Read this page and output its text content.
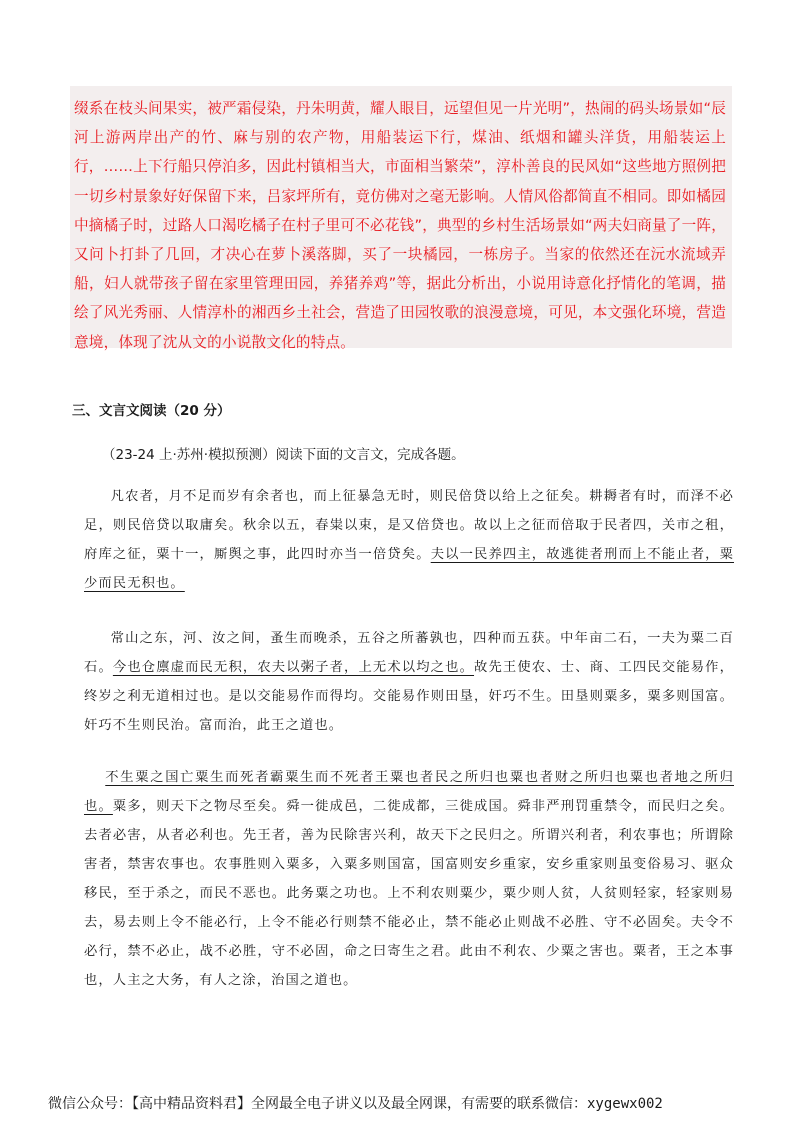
缀系在枝头间果实，被严霜侵染，丹朱明黄，耀人眼目，远望但见一片光明”，热闹的码头场景如“辰河上游两岸出产的竹、麻与别的农产物，用船装运下行，煤油、纸烟和罐头洋货，用船装运上行，……上下行船只停泊多，因此村镇相当大，市面相当繁荣”，淳朴善良的民风如“这些地方照例把一切乡村景象好好保留下来，吕家坪所有，竟仿佛对之毫无影响。人情风俗都简直不相同。即如橘园中摘橘子时，过路人口渴吃橘子在村子里可不必花钱”，典型的乡村生活场景如“两夫妇商量了一阵，又问卜打卦了几回，才决心在萝卜溪落脚，买了一块橘园，一栋房子。当家的依然还在沅水流域弄船，妇人就带孩子留在家里管理田园，养猪养鸡”等，据此分析出，小说用诗意化抒情化的笔调，描绘了风光秀丽、人情淳朴的湘西乡土社会，营造了田园牧歌的浪漫意境，可见，本文强化环境，营造意境，体现了沈从文的小说散文化的特点。

三、文言文阅读（20 分）
（23-24 上·苏州·模拟预测）阅读下面的文言文，完成各题。

凡农者，月不足而岁有余者也，而上征暴急无时，则民倍贷以给上之征矣。耕耨者有时，而泽不必足，则民倍贷以取庸矣。秋余以五，春粜以束，是又倍贷也。故以上之征而倍取于民者四，关市之租，府库之征，粟十一，厮舆之事，此四时亦当一倍贷矣。夫以一民养四主，故逃徙者刑而上不能止者，粟少而民无积也。

常山之东，河、汝之间，蚤生而晚杀，五谷之所蕃孰也，四种而五获。中年亩二石，一夫为粟二百石。今也仓廪虚而民无积，农夫以粥子者，上无术以均之也。故先王使农、士、商、工四民交能易作，终岁之利无道相过也。是以交能易作而得均。交能易作则田垦，奸巧不生。田垦则粟多，粟多则国富。奸巧不生则民治。富而治，此王之道也。

不生粟之国亡粟生而死者霸粟生而不死者王粟也者民之所归也粟也者财之所归也粟也者地之所归也。粟多，则天下之物尽至矣。舜一徙成邑，二徙成都，三徙成国。舜非严刑罚重禁令，而民归之矣。去者必害，从者必利也。先王者，善为民除害兴利，故天下之民归之。所谓兴利者，利农事也；所谓除害者，禁害农事也。农事胜则入粟多，入粟多则国富，国富则安乡重家，安乡重家则虽变俗易习、驱众移民，至于杀之，而民不恶也。此务粟之功也。上不利农则粟少，粟少则人贫，人贫则轻家，轻家则易去，易去则上令不能必行，上令不能必行则禁不能必止，禁不能必止则战不必胜、守不必固矣。夫令不必行，禁不必止，战不必胜，守不必固，命之曰寄生之君。此由不利农、少粟之害也。粟者，王之本事也，人主之大务，有人之涂，治国之道也。

微信公众号：【高中精品资料君】全网最全电子讲义以及最全网课，有需要的联系微信：xygewx002
